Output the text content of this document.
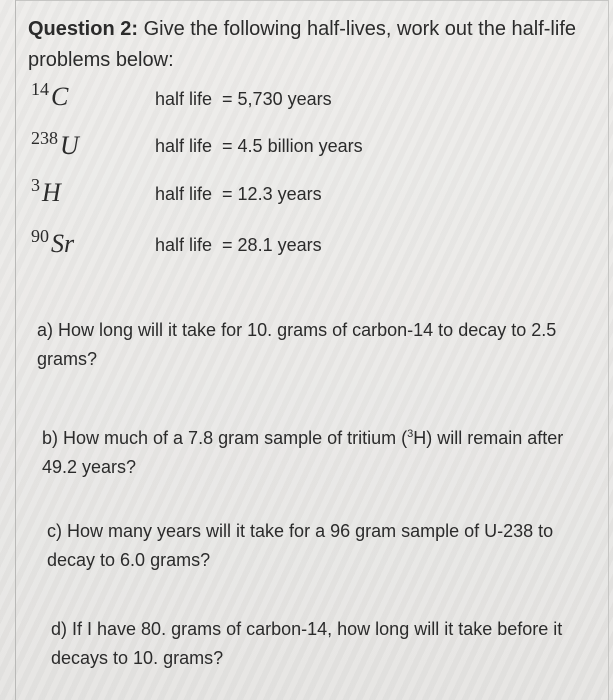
Question 2: Give the following half-lives, work out the half-life problems below:
14C	half life  = 5,730 years
238U	half life  = 4.5 billion years
3H	half life  = 12.3 years
90Sr	half life  = 28.1 years
a) How long will it take for 10. grams of carbon-14 to decay to 2.5 grams?
b) How much of a 7.8 gram sample of tritium ($^3$H) will remain after 49.2 years?
c) How many years will it take for a 96 gram sample of U-238 to decay to 6.0 grams?
d) If I have 80. grams of carbon-14, how long will it take before it decays to 10. grams?
